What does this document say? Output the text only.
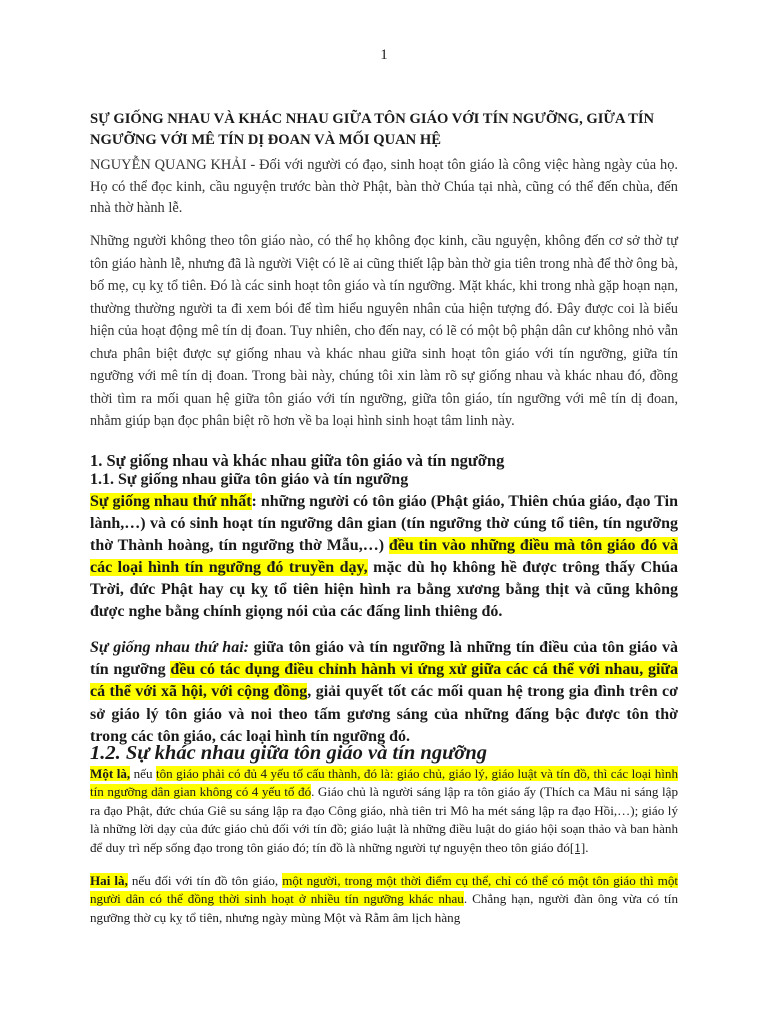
1
SỰ GIỐNG NHAU VÀ KHÁC NHAU GIỮA TÔN GIÁO VỚI TÍN NGƯỠNG, GIỮA TÍN NGƯỠNG VỚI MÊ TÍN DỊ ĐOAN VÀ MỐI QUAN HỆ

NGUYỄN QUANG KHẢI - Đối với người có đạo, sinh hoạt tôn giáo là công việc hàng ngày của họ. Họ có thể đọc kinh, cầu nguyện trước bàn thờ Phật, bàn thờ Chúa tại nhà, cũng có thể đến chùa, đến nhà thờ hành lễ.

Những người không theo tôn giáo nào, có thể họ không đọc kinh, cầu nguyện, không đến cơ sở thờ tự tôn giáo hành lễ, nhưng đã là người Việt có lẽ ai cũng thiết lập bàn thờ gia tiên trong nhà để thờ ông bà, bố mẹ, cụ kỵ tổ tiên. Đó là các sinh hoạt tôn giáo và tín ngưỡng. Mặt khác, khi trong nhà gặp hoạn nạn, thường thường người ta đi xem bói để tìm hiểu nguyên nhân của hiện tượng đó. Đây được coi là biểu hiện của hoạt động mê tín dị đoan. Tuy nhiên, cho đến nay, có lẽ có một bộ phận dân cư không nhỏ vẫn chưa phân biệt được sự giống nhau và khác nhau giữa sinh hoạt tôn giáo với tín ngưỡng, giữa tín ngưỡng với mê tín dị đoan. Trong bài này, chúng tôi xin làm rõ sự giống nhau và khác nhau đó, đồng thời tìm ra mối quan hệ giữa tôn giáo với tín ngưỡng, giữa tôn giáo, tín ngưỡng với mê tín dị đoan, nhằm giúp bạn đọc phân biệt rõ hơn về ba loại hình sinh hoạt tâm linh này.

1. Sự giống nhau và khác nhau giữa tôn giáo và tín ngưỡng
1.1. Sự giống nhau giữa tôn giáo và tín ngưỡng

Sự giống nhau thứ nhất: những người có tôn giáo (Phật giáo, Thiên chúa giáo, đạo Tin lành,…) và có sinh hoạt tín ngưỡng dân gian (tín ngưỡng thờ cúng tổ tiên, tín ngưỡng thờ Thành hoàng, tín ngưỡng thờ Mẫu,…) đều tin vào những điều mà tôn giáo đó và các loại hình tín ngưỡng đó truyền dạy, mặc dù họ không hề được trông thấy Chúa Trời, đức Phật hay cụ kỵ tổ tiên hiện hình ra bằng xương bằng thịt và cũng không được nghe bằng chính giọng nói của các đấng linh thiêng đó.

Sự giống nhau thứ hai: giữa tôn giáo và tín ngưỡng là những tín điều của tôn giáo và tín ngưỡng đều có tác dụng điều chỉnh hành vi ứng xử giữa các cá thể với nhau, giữa cá thể với xã hội, với cộng đồng, giải quyết tốt các mối quan hệ trong gia đình trên cơ sở giáo lý tôn giáo và noi theo tấm gương sáng của những đấng bậc được tôn thờ trong các tôn giáo, các loại hình tín ngưỡng đó.

1.2. Sự khác nhau giữa tôn giáo và tín ngưỡng

Một là, nếu tôn giáo phải có đủ 4 yếu tố cấu thành, đó là: giáo chủ, giáo lý, giáo luật và tín đồ, thì các loại hình tín ngưỡng dân gian không có 4 yếu tố đó. Giáo chủ là người sáng lập ra tôn giáo ấy (Thích ca Mâu ni sáng lập ra đạo Phật, đức chúa Giê su sáng lập ra đạo Công giáo, nhà tiên tri Mô ha mét sáng lập ra đạo Hồi,…); giáo lý là những lời dạy của đức giáo chủ đối với tín đồ; giáo luật là những điều luật do giáo hội soạn thảo và ban hành để duy trì nếp sống đạo trong tôn giáo đó; tín đồ là những người tự nguyện theo tôn giáo đó[1].

Hai là, nếu đối với tín đồ tôn giáo, một người, trong một thời điểm cụ thể, chỉ có thể có một tôn giáo thì một người dân có thể đồng thời sinh hoạt ở nhiều tín ngưỡng khác nhau. Chẳng hạn, người đàn ông vừa có tín ngưỡng thờ cụ kỵ tổ tiên, nhưng ngày mùng Một và Rằm âm lịch hàng
